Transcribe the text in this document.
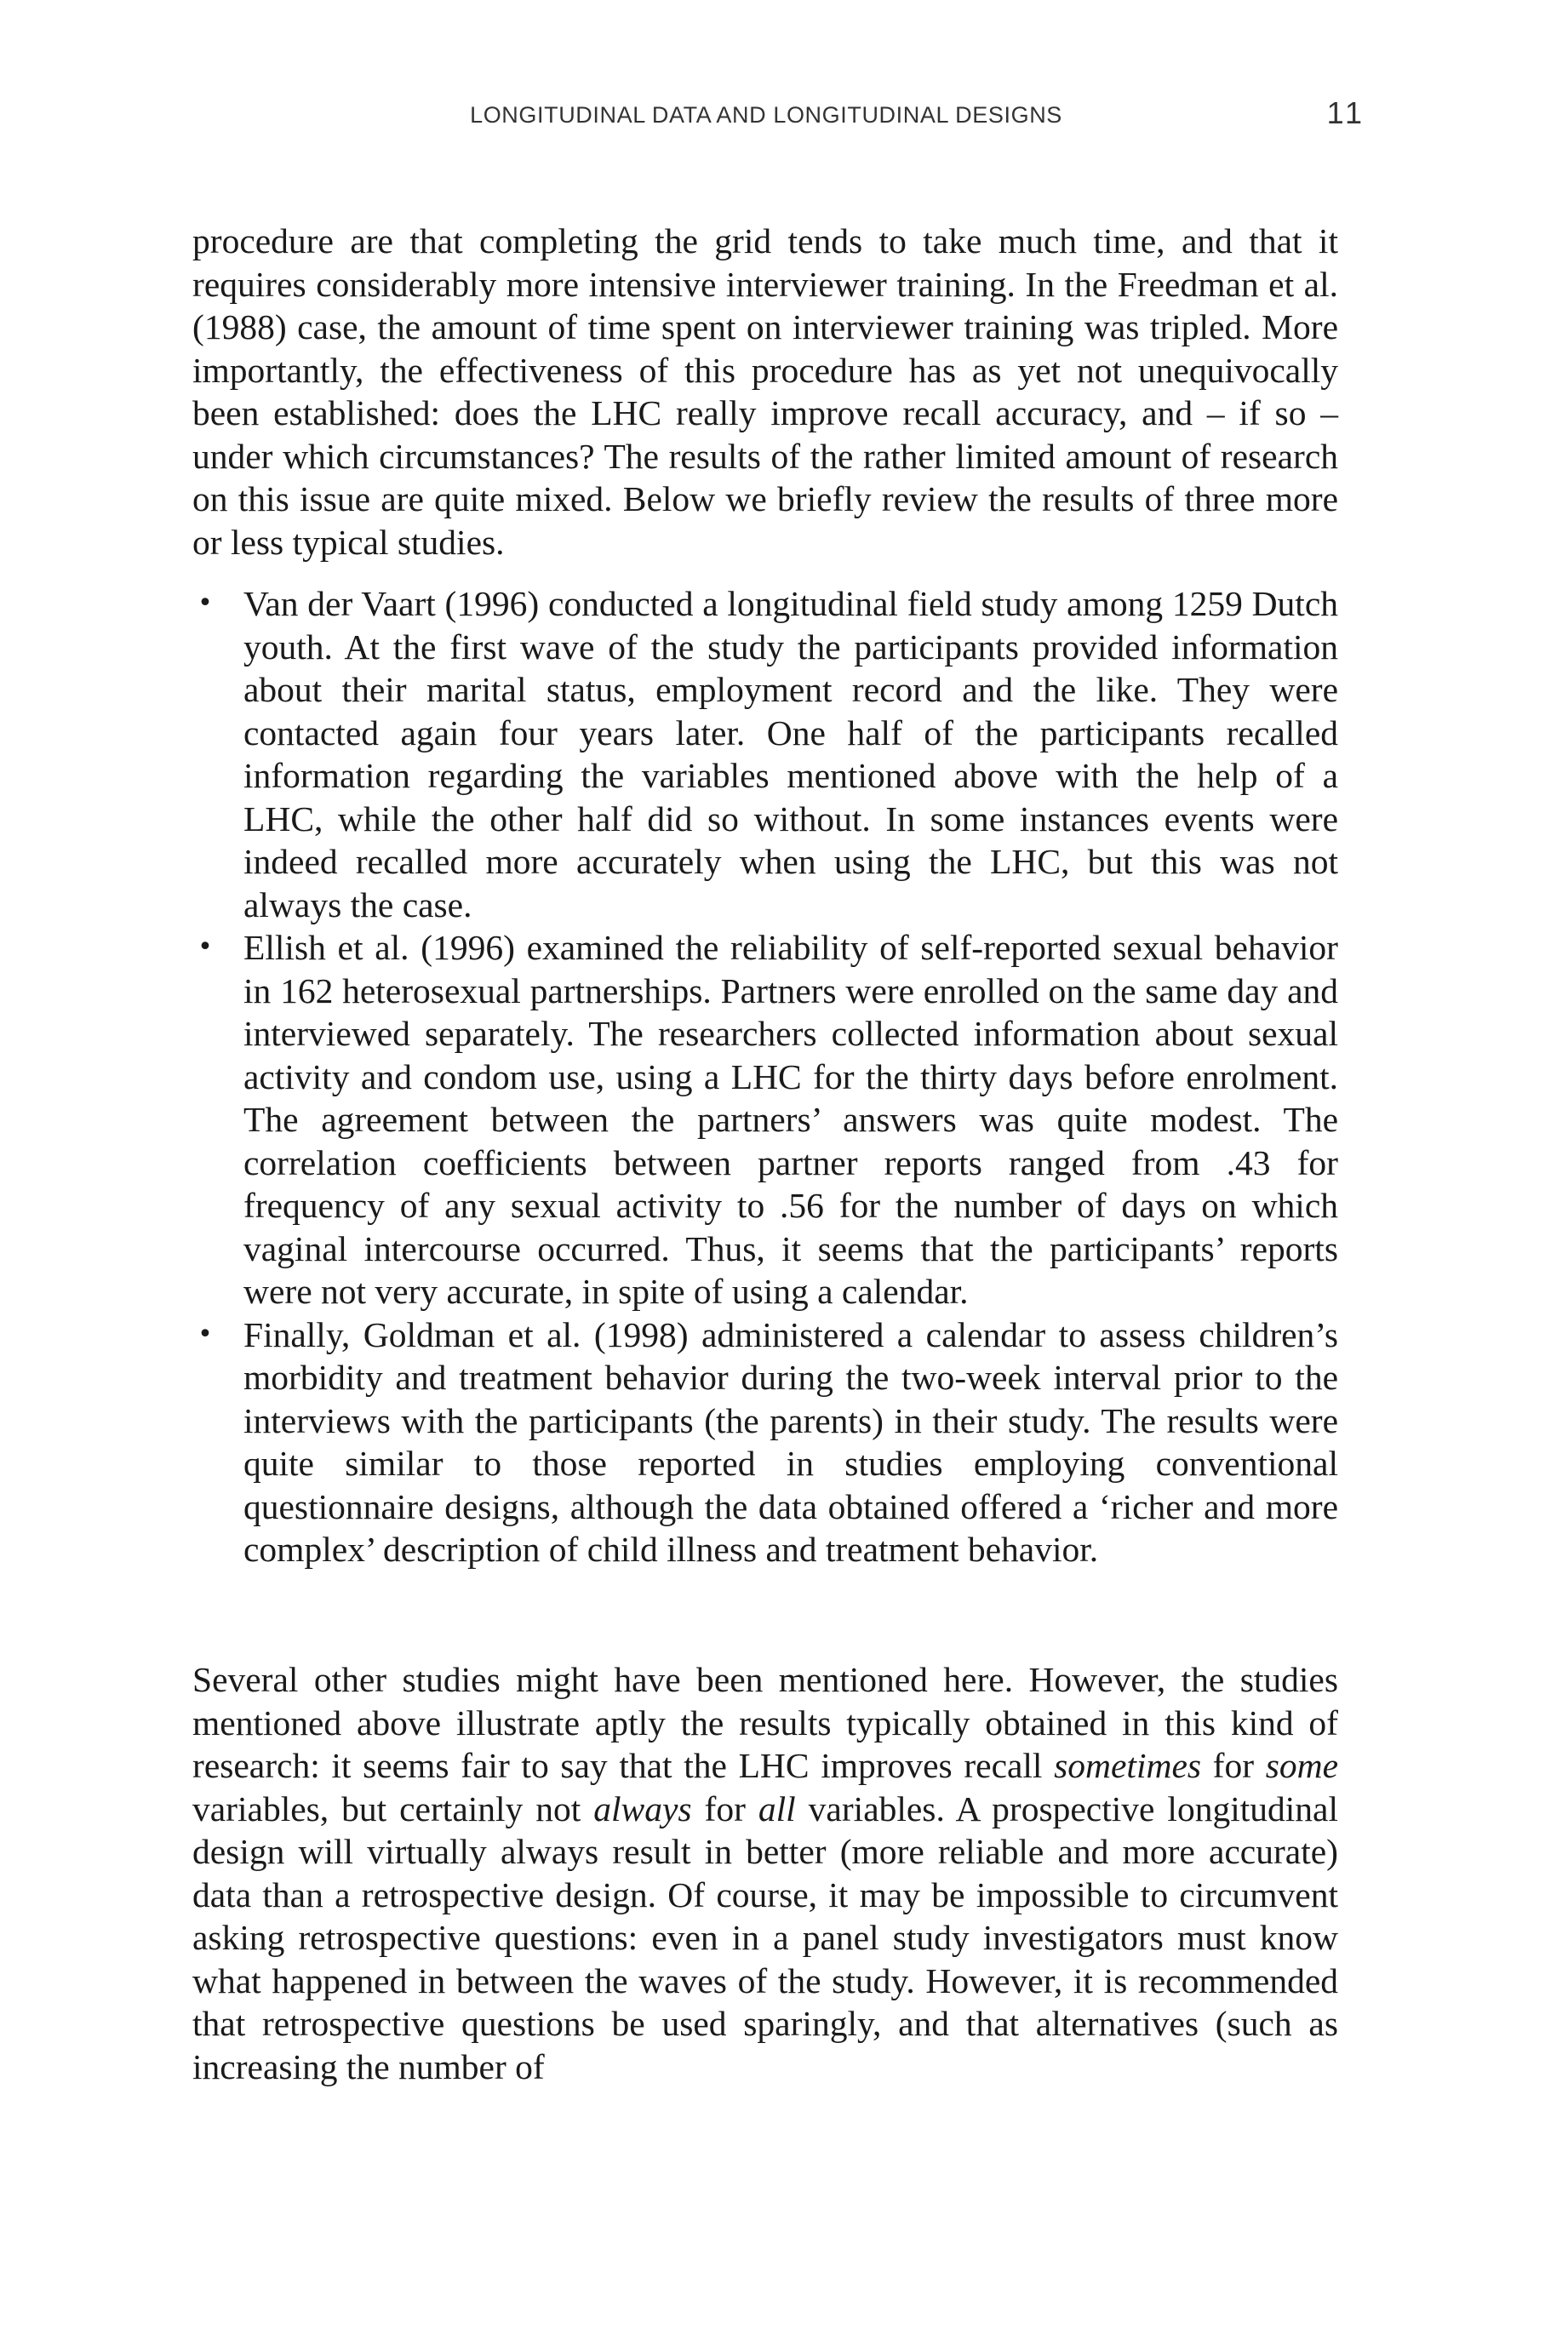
LONGITUDINAL DATA AND LONGITUDINAL DESIGNS	11

procedure are that completing the grid tends to take much time, and that it requires considerably more intensive interviewer training. In the Freedman et al. (1988) case, the amount of time spent on interviewer training was tripled. More importantly, the effectiveness of this procedure has as yet not unequivocally been established: does the LHC really improve recall accuracy, and – if so – under which circumstances? The results of the rather limited amount of research on this issue are quite mixed. Below we briefly review the results of three more or less typical studies.

• Van der Vaart (1996) conducted a longitudinal field study among 1259 Dutch youth. At the first wave of the study the participants provided information about their marital status, employment record and the like. They were contacted again four years later. One half of the participants recalled information regarding the variables mentioned above with the help of a LHC, while the other half did so without. In some instances events were indeed recalled more accurately when using the LHC, but this was not always the case.
• Ellish et al. (1996) examined the reliability of self-reported sexual behavior in 162 heterosexual partnerships. Partners were enrolled on the same day and interviewed separately. The researchers collected information about sexual activity and condom use, using a LHC for the thirty days before enrolment. The agreement between the partners’ answers was quite modest. The correlation coefficients between partner reports ranged from .43 for frequency of any sexual activity to .56 for the number of days on which vaginal intercourse occurred. Thus, it seems that the participants’ reports were not very accurate, in spite of using a calendar.
• Finally, Goldman et al. (1998) administered a calendar to assess children’s morbidity and treatment behavior during the two-week interval prior to the interviews with the participants (the parents) in their study. The results were quite similar to those reported in studies employing conventional questionnaire designs, although the data obtained offered a ‘richer and more complex’ description of child illness and treatment behavior.

Several other studies might have been mentioned here. However, the studies mentioned above illustrate aptly the results typically obtained in this kind of research: it seems fair to say that the LHC improves recall sometimes for some variables, but certainly not always for all variables. A prospective longitudinal design will virtually always result in better (more reliable and more accurate) data than a retrospective design. Of course, it may be impossible to circumvent asking retrospective questions: even in a panel study investigators must know what happened in between the waves of the study. However, it is recommended that retrospective questions be used sparingly, and that alternatives (such as increasing the number of
